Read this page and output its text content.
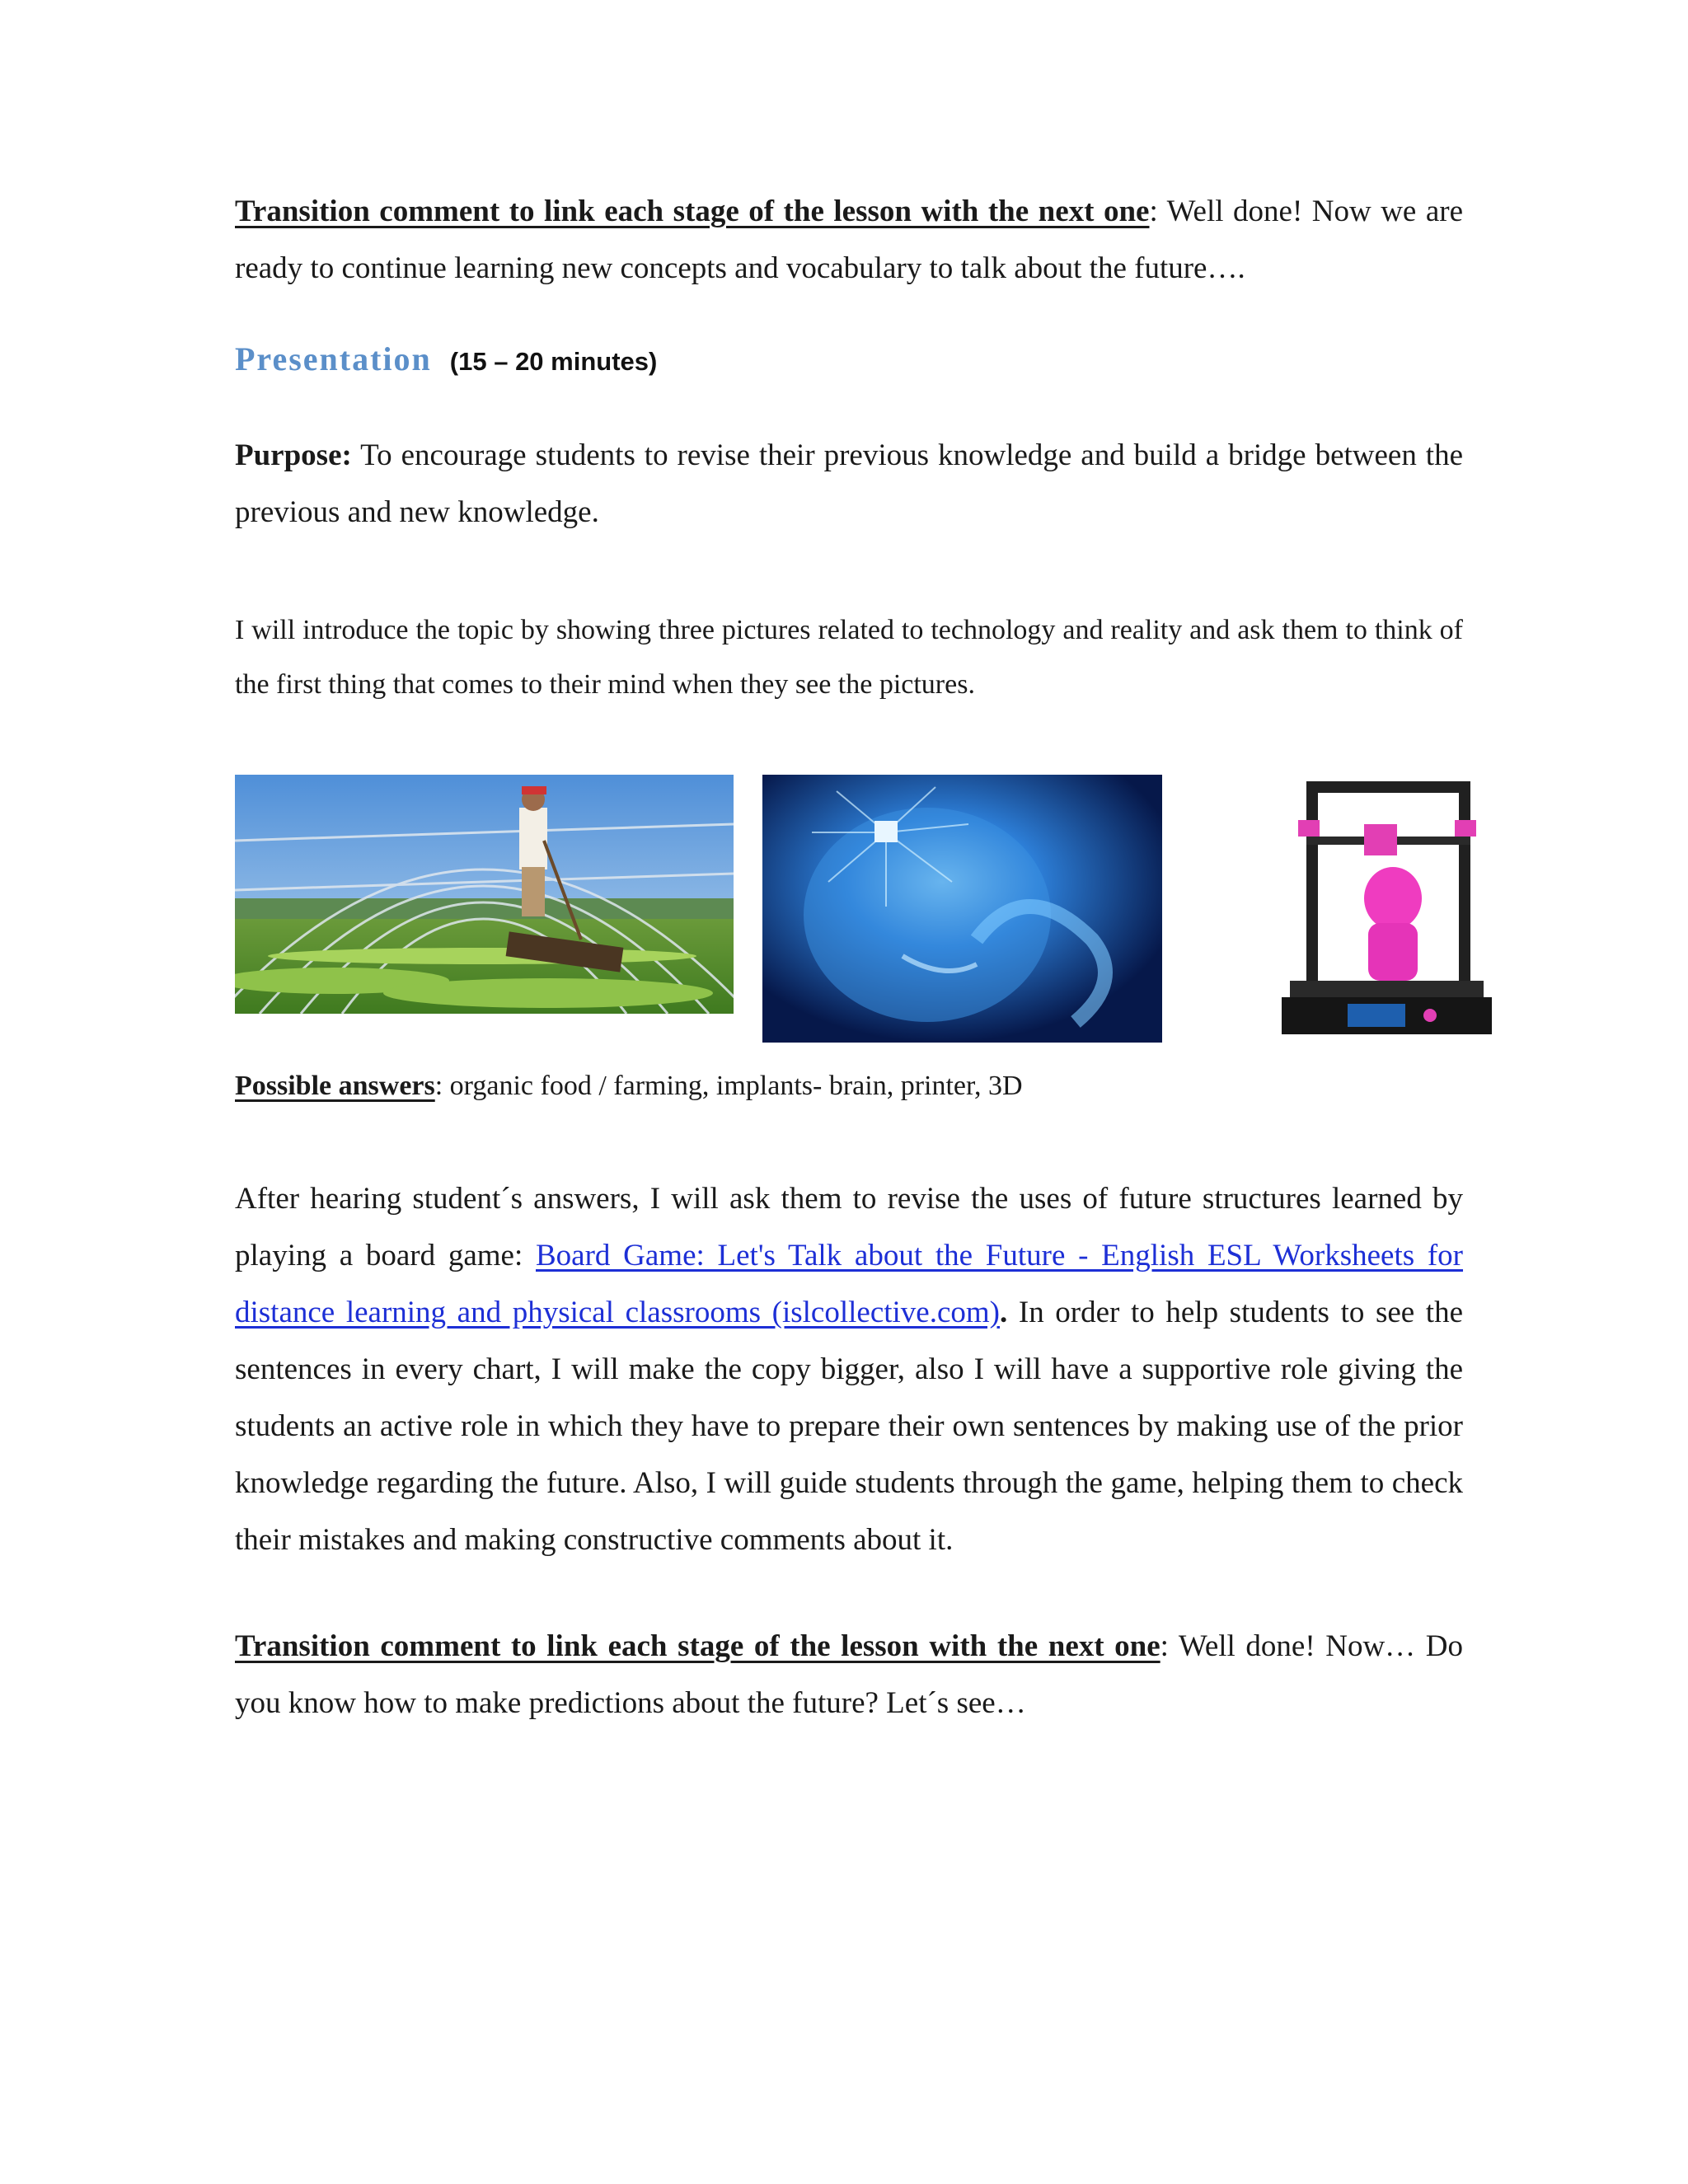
Transition comment to link each stage of the lesson with the next one: Well done! Now we are ready to continue learning new concepts and vocabulary to talk about the future….

Presentation (15 – 20 minutes)

Purpose: To encourage students to revise their previous knowledge and build a bridge between the previous and new knowledge.

I will introduce the topic by showing three pictures related to technology and reality and ask them to think of the first thing that comes to their mind when they see the pictures.

Possible answers: organic food / farming, implants- brain, printer, 3D

After hearing student´s answers, I will ask them to revise the uses of future structures learned by playing a board game: Board Game: Let's Talk about the Future - English ESL Worksheets for distance learning and physical classrooms (islcollective.com). In order to help students to see the sentences in every chart, I will make the copy bigger, also I will have a supportive role giving the students an active role in which they have to prepare their own sentences by making use of the prior knowledge regarding the future. Also, I will guide students through the game, helping them to check their mistakes and making constructive comments about it.

Transition comment to link each stage of the lesson with the next one: Well done! Now… Do you know how to make predictions about the future? Let´s see…
